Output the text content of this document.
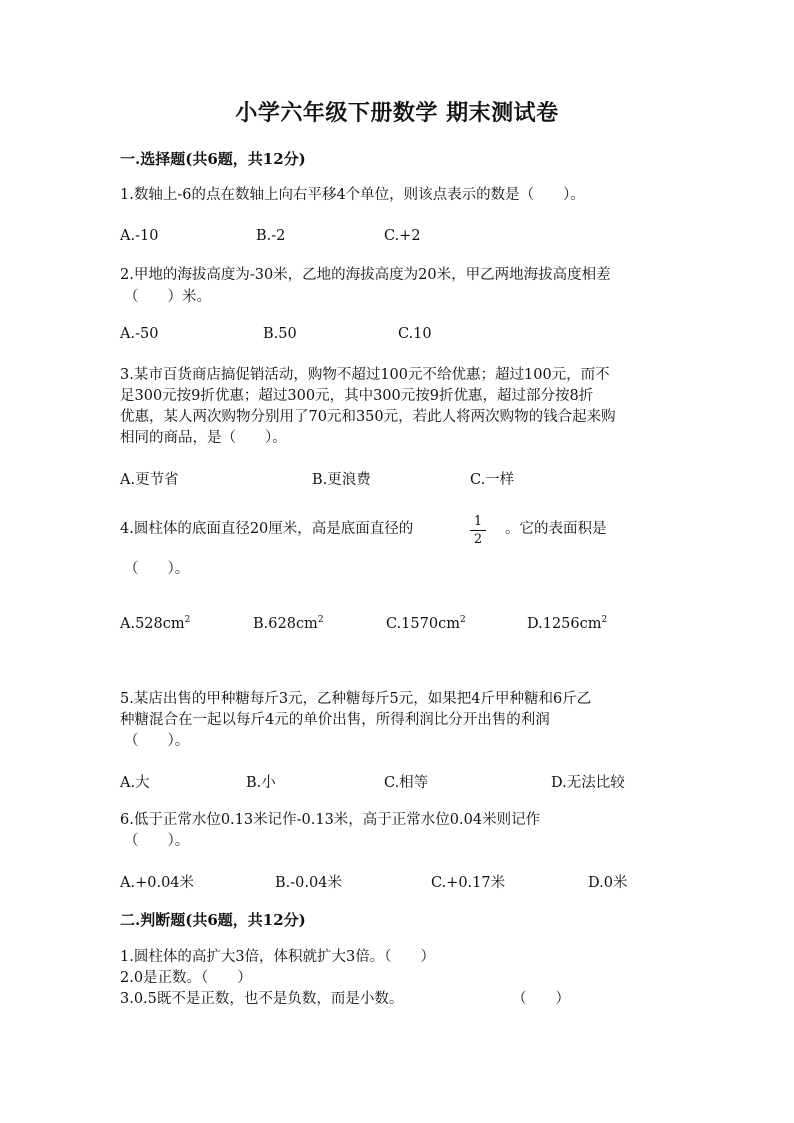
小学六年级下册数学 期末测试卷
一.选择题(共6题，共12分)
1.数轴上-6的点在数轴上向右平移4个单位，则该点表示的数是（　　）。
A.-10	B.-2	C.+2
2.甲地的海拔高度为-30米，乙地的海拔高度为20米，甲乙两地海拔高度相差
（　　）米。
A.-50	B.50	C.10
3.某市百货商店搞促销活动，购物不超过100元不给优惠；超过100元，而不
足300元按9折优惠；超过300元，其中300元按9折优惠，超过部分按8折
优惠，某人两次购物分别用了70元和350元，若此人将两次购物的钱合起来购
相同的商品，是（　　）。
A.更节省	B.更浪费	C.一样
4.圆柱体的底面直径20厘米，高是底面直径的	1
2
。它的表面积是
（　　）。
$A.528cm^2$	$B.628cm^2$	$C.1570cm^2$	$D.1256cm^2$
5.某店出售的甲种糖每斤3元，乙种糖每斤5元，如果把4斤甲种糖和6斤乙
种糖混合在一起以每斤4元的单价出售，所得利润比分开出售的利润
（　　）。
A.大	B.小	C.相等	D.无法比较
6.低于正常水位0.13米记作-0.13米，高于正常水位0.04米则记作
（　　）。
A.+0.04米	B.-0.04米	C.+0.17米	D.0米
二.判断题(共6题，共12分)
1.圆柱体的高扩大3倍，体积就扩大3倍。（　　）
2.0是正数。（　　）
3.0.5既不是正数，也不是负数，而是小数。	（　　）
